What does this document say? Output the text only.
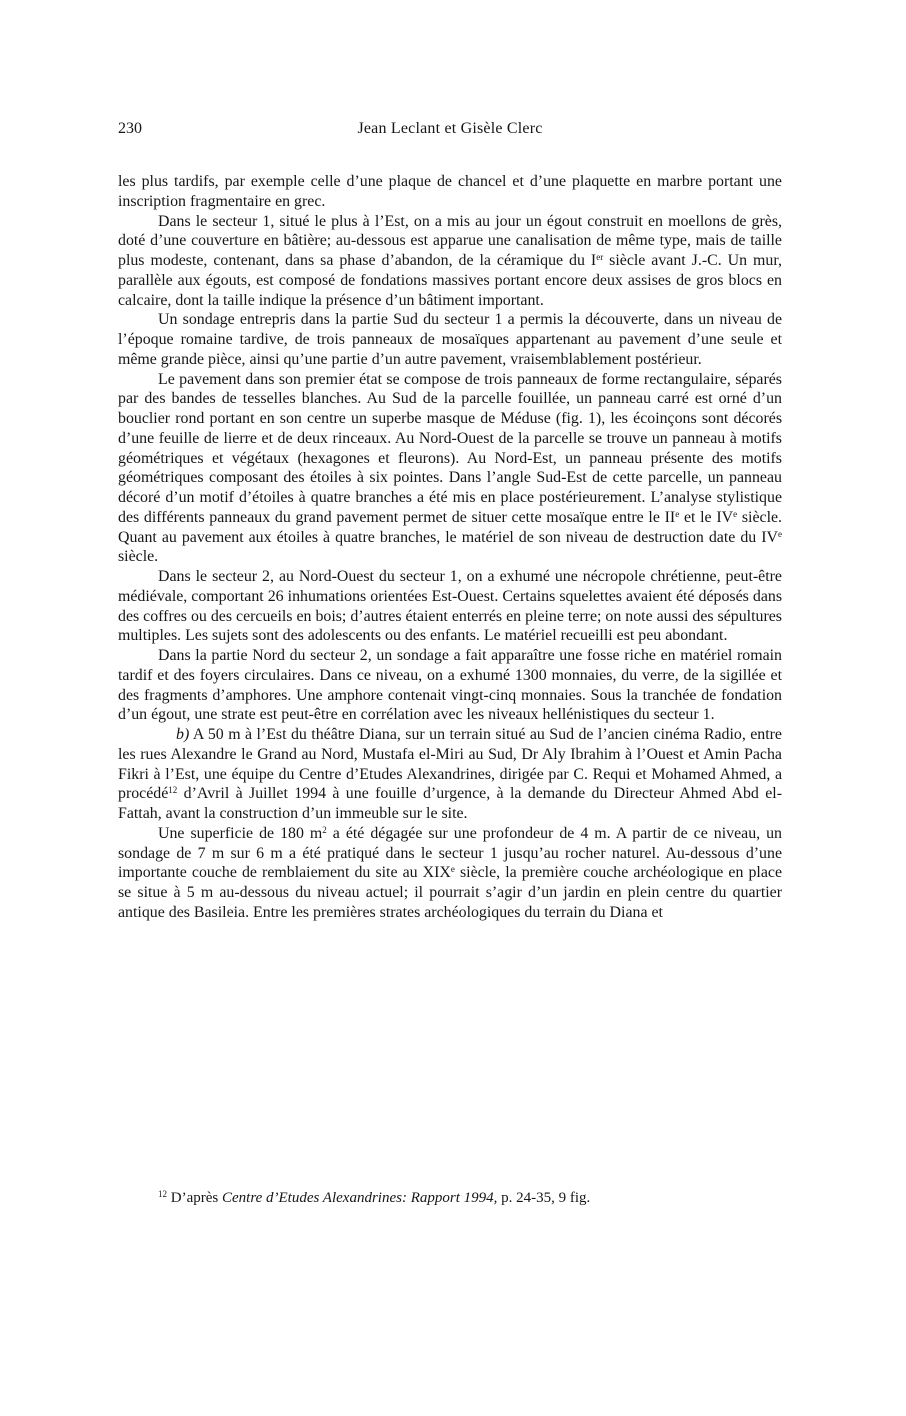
230	Jean Leclant et Gisèle Clerc

les plus tardifs, par exemple celle d’une plaque de chancel et d’une plaquette en marbre portant une inscription fragmentaire en grec.

Dans le secteur 1, situé le plus à l’Est, on a mis au jour un égout construit en moellons de grès, doté d’une couverture en bâtière; au-dessous est apparue une canalisation de même type, mais de taille plus modeste, contenant, dans sa phase d’abandon, de la céramique du Ier siècle avant J.-C. Un mur, parallèle aux égouts, est composé de fondations massives portant encore deux assises de gros blocs en calcaire, dont la taille indique la présence d’un bâtiment important.

Un sondage entrepris dans la partie Sud du secteur 1 a permis la découverte, dans un niveau de l’époque romaine tardive, de trois panneaux de mosaïques appartenant au pavement d’une seule et même grande pièce, ainsi qu’une partie d’un autre pavement, vraisemblablement postérieur.

Le pavement dans son premier état se compose de trois panneaux de forme rectangulaire, séparés par des bandes de tesselles blanches. Au Sud de la parcelle fouillée, un panneau carré est orné d’un bouclier rond portant en son centre un superbe masque de Méduse (fig. 1), les écoinçons sont décorés d’une feuille de lierre et de deux rinceaux. Au Nord-Ouest de la parcelle se trouve un panneau à motifs géométriques et végétaux (hexagones et fleurons). Au Nord-Est, un panneau présente des motifs géométriques composant des étoiles à six pointes. Dans l’angle Sud-Est de cette parcelle, un panneau décoré d’un motif d’étoiles à quatre branches a été mis en place postérieurement. L’analyse stylistique des différents panneaux du grand pavement permet de situer cette mosaïque entre le IIe et le IVe siècle. Quant au pavement aux étoiles à quatre branches, le matériel de son niveau de destruction date du IVe siècle.

Dans le secteur 2, au Nord-Ouest du secteur 1, on a exhumé une nécropole chrétienne, peut-être médiévale, comportant 26 inhumations orientées Est-Ouest. Certains squelettes avaient été déposés dans des coffres ou des cercueils en bois; d’autres étaient enterrés en pleine terre; on note aussi des sépultures multiples. Les sujets sont des adolescents ou des enfants. Le matériel recueilli est peu abondant.

Dans la partie Nord du secteur 2, un sondage a fait apparaître une fosse riche en matériel romain tardif et des foyers circulaires. Dans ce niveau, on a exhumé 1300 monnaies, du verre, de la sigillée et des fragments d’amphores. Une amphore contenait vingt-cinq monnaies. Sous la tranchée de fondation d’un égout, une strate est peut-être en corrélation avec les niveaux hellénistiques du secteur 1.

b) A 50 m à l’Est du théâtre Diana, sur un terrain situé au Sud de l’ancien cinéma Radio, entre les rues Alexandre le Grand au Nord, Mustafa el-Miri au Sud, Dr Aly Ibrahim à l’Ouest et Amin Pacha Fikri à l’Est, une équipe du Centre d’Etudes Alexandrines, dirigée par C. Requi et Mohamed Ahmed, a procédé$^{12}$ d’Avril à Juillet 1994 à une fouille d’urgence, à la demande du Directeur Ahmed Abd el-Fattah, avant la construction d’un immeuble sur le site.

Une superficie de 180 $m^2$ a été dégagée sur une profondeur de 4 m. A partir de ce niveau, un sondage de 7 m sur 6 m a été pratiqué dans le secteur 1 jusqu’au rocher naturel. Au-dessous d’une importante couche de remblaiement du site au XIXe siècle, la première couche archéologique en place se situe à 5 m au-dessous du niveau actuel; il pourrait s’agir d’un jardin en plein centre du quartier antique des Basileia. Entre les premières strates archéologiques du terrain du Diana et

$^{12}$ D’après Centre d’Etudes Alexandrines: Rapport 1994, p. 24-35, 9 fig.
